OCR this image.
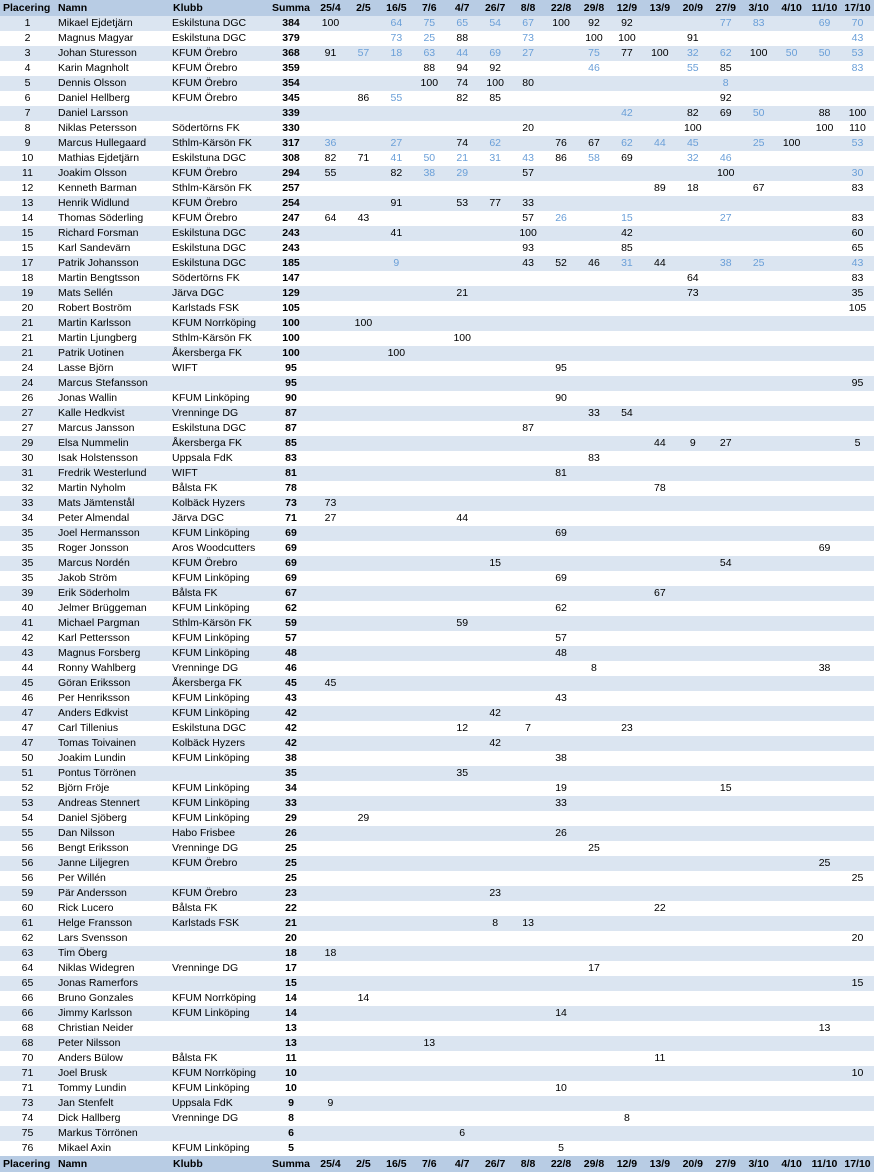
Placering	Namn	Klubb	Summa	25/4	2/5	16/5	7/6	4/7	26/7	8/8	22/8	29/8	12/9	13/9	20/9	27/9	3/10	4/10	11/10	17/10
1	Mikael Ejdetjärn	Eskilstuna DGC	384	100		64	75	65	54	67	100	92	92			77	83		69	70
2	Magnus Magyar	Eskilstuna DGC	379			73	25	88		73		100	100		91					43
3	Johan Sturesson	KFUM Örebro	368	91	57	18	63	44	69	27		75	77	100	32	62	100	50	50	53
4	Karin Magnholt	KFUM Örebro	359				88	94	92			46			55	85				83
5	Dennis Olsson	KFUM Örebro	354				100	74	100	80						8				
6	Daniel Hellberg	KFUM Örebro	345		86	55		82	85							92				
7	Daniel Larsson		339										42		82	69	50		88	100
8	Niklas Petersson	Södertörns FK	330							20					100				100	110
9	Marcus Hullegaard	Sthlm-Kärsön FK	317	36		27		74	62		76	67	62	44	45		25	100		53
10	Mathias Ejdetjärn	Eskilstuna DGC	308	82	71	41	50	21	31	43	86	58	69		32	46				
11	Joakim Olsson	KFUM Örebro	294	55		82	38	29		57						100				30
12	Kenneth Barman	Sthlm-Kärsön FK	257											89	18		67			83
13	Henrik Widlund	KFUM Örebro	254			91		53	77	33										
14	Thomas Söderling	KFUM Örebro	247	64	43					57	26		15			27				83
15	Richard Forsman	Eskilstuna DGC	243			41				100			42							60
15	Karl Sandevärn	Eskilstuna DGC	243							93			85							65
17	Patrik Johansson	Eskilstuna DGC	185			9				43	52	46	31	44		38	25			43
18	Martin Bengtsson	Södertörns FK	147												64					83
19	Mats Sellén	Järva DGC	129					21							73					35
20	Robert Boström	Karlstads FSK	105																	105
21	Martin Karlsson	KFUM Norrköping	100		100															
21	Martin Ljungberg	Sthlm-Kärsön FK	100					100												
21	Patrik Uotinen	Åkersberga FK	100			100														
24	Lasse Björn	WIFT	95								95									
24	Marcus Stefansson		95																	95
26	Jonas Wallin	KFUM Linköping	90								90									
27	Kalle Hedkvist	Vrenninge DG	87									33	54							
27	Marcus Jansson	Eskilstuna DGC	87							87										
29	Elsa Nummelin	Åkersberga FK	85											44	9	27				5
30	Isak Holstensson	Uppsala FdK	83									83								
31	Fredrik Westerlund	WIFT	81								81									
32	Martin Nyholm	Bålsta FK	78											78						
33	Mats Jämtenstål	Kolbäck Hyzers	73	73																
34	Peter Almendal	Järva DGC	71	27				44												
35	Joel Hermansson	KFUM Linköping	69								69									
35	Roger Jonsson	Aros Woodcutters	69																69	
35	Marcus Nordén	KFUM Örebro	69						15							54				
35	Jakob Ström	KFUM Linköping	69								69									
39	Erik Söderholm	Bålsta FK	67											67						
40	Jelmer Brüggeman	KFUM Linköping	62								62									
41	Michael Pargman	Sthlm-Kärsön FK	59					59												
42	Karl Pettersson	KFUM Linköping	57								57									
43	Magnus Forsberg	KFUM Linköping	48								48									
44	Ronny Wahlberg	Vrenninge DG	46									8							38	
45	Göran Eriksson	Åkersberga FK	45	45																
46	Per Henriksson	KFUM Linköping	43								43									
47	Anders Edkvist	KFUM Linköping	42						42											
47	Carl Tillenius	Eskilstuna DGC	42					12		7			23							
47	Tomas Toivainen	Kolbäck Hyzers	42						42											
50	Joakim Lundin	KFUM Linköping	38								38									
51	Pontus Törrönen		35					35												
52	Björn Fröje	KFUM Linköping	34								19					15				
53	Andreas Stennert	KFUM Linköping	33								33									
54	Daniel Sjöberg	KFUM Linköping	29		29															
55	Dan Nilsson	Habo Frisbee	26								26									
56	Bengt Eriksson	Vrenninge DG	25									25								
56	Janne Liljegren	KFUM Örebro	25																25	
56	Per Willén		25																	25
59	Pär Andersson	KFUM Örebro	23						23											
60	Rick Lucero	Bålsta FK	22											22						
61	Helge Fransson	Karlstads FSK	21						8	13										
62	Lars Svensson		20																	20
63	Tim Öberg		18	18																
64	Niklas Widegren	Vrenninge DG	17									17								
65	Jonas Ramerfors		15																	15
66	Bruno Gonzales	KFUM Norrköping	14		14															
66	Jimmy Karlsson	KFUM Linköping	14								14									
68	Christian Neider		13																13	
68	Peter Nilsson		13				13													
70	Anders Bülow	Bålsta FK	11											11						
71	Joel Brusk	KFUM Norrköping	10																	10
71	Tommy Lundin	KFUM Linköping	10								10									
73	Jan Stenfelt	Uppsala FdK	9	9																
74	Dick Hallberg	Vrenninge DG	8										8							
75	Markus Törrönen		6					6												
76	Mikael Axin	KFUM Linköping	5								5									
Placering	Namn	Klubb	Summa	25/4	2/5	16/5	7/6	4/7	26/7	8/8	22/8	29/8	12/9	13/9	20/9	27/9	3/10	4/10	11/10	17/10
